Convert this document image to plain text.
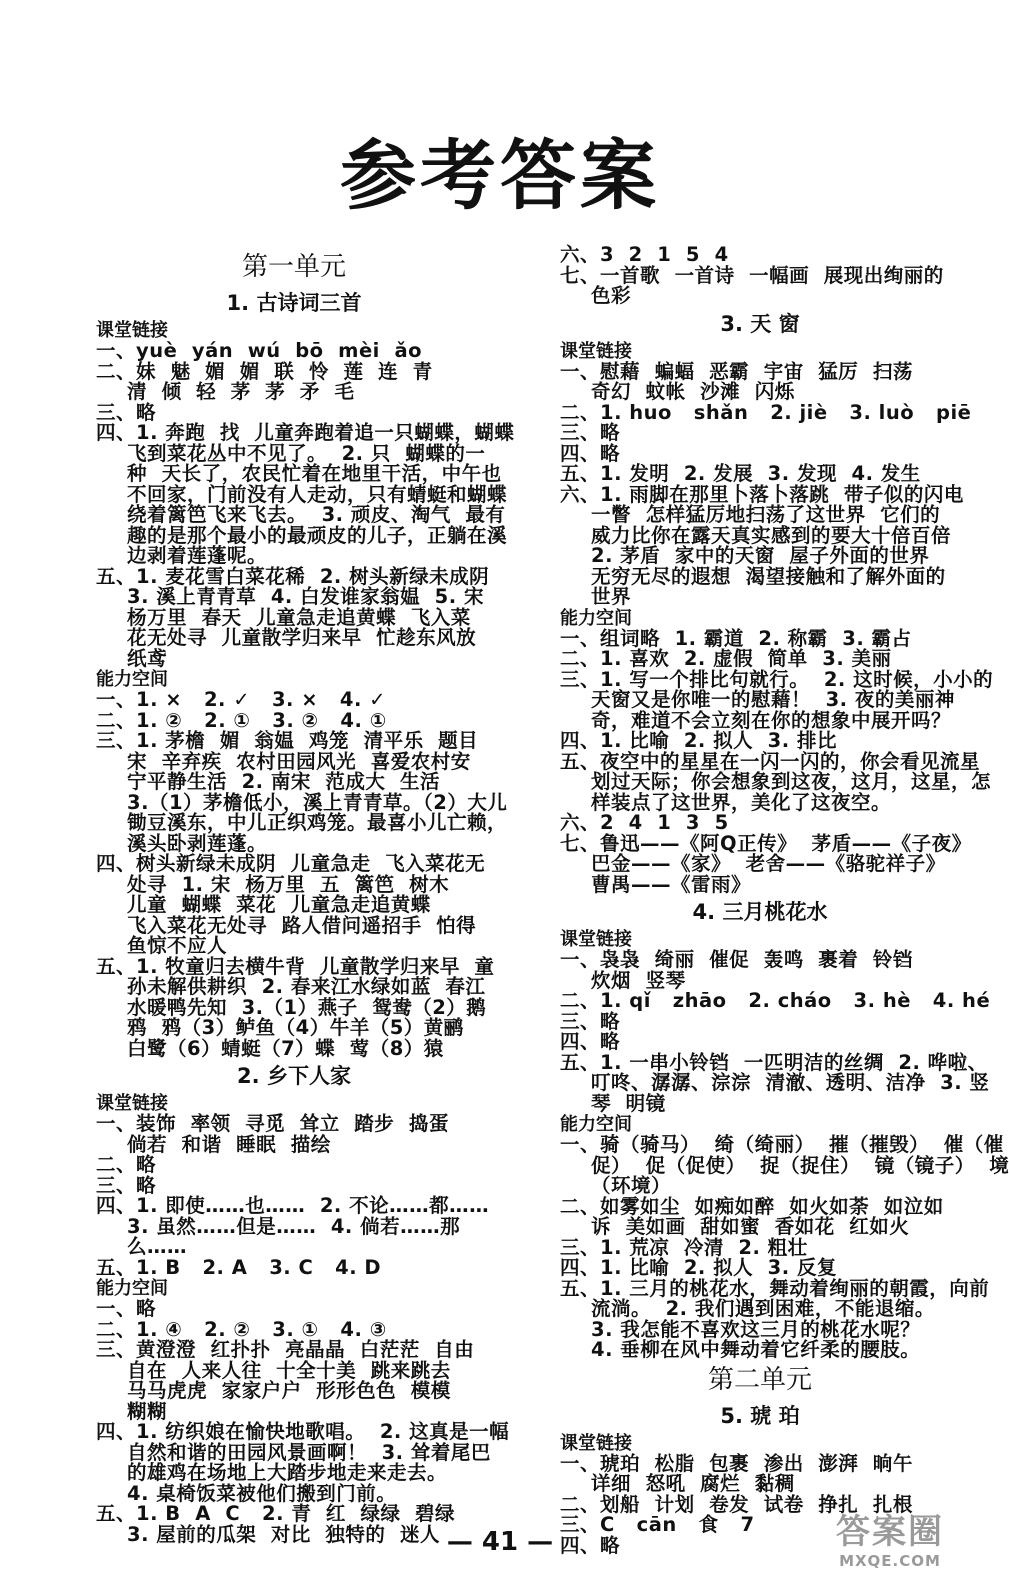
参考答案
第一单元
1. 古诗词三首
课堂链接
一、yuè  yán  wú  bō  mèi  ǎo
二、妹  魅  媚  媚  联  怜  莲  连  青
清  倾  轻  茅  茅  矛  毛
三、略
四、1. 奔跑  找  儿童奔跑着追一只蝴蝶，蝴蝶
飞到菜花丛中不见了。  2. 只  蝴蝶的一
种  天长了，农民忙着在地里干活，中午也
不回家，门前没有人走动，只有蜻蜓和蝴蝶
绕着篱笆飞来飞去。  3. 顽皮、淘气  最有
趣的是那个最小的最顽皮的儿子，正躺在溪
边剥着莲蓬呢。
五、1. 麦花雪白菜花稀  2. 树头新绿未成阴
3. 溪上青青草  4. 白发谁家翁媪  5. 宋
杨万里  春天  儿童急走追黄蝶  飞入菜
花无处寻  儿童散学归来早  忙趁东风放
纸鸢
能力空间
一、1. ×   2. ✓   3. ×   4. ✓
二、1. ②   2. ①   3. ②   4. ①
三、1. 茅檐  媚  翁媪  鸡笼  清平乐  题目
宋  辛弃疾  农村田园风光  喜爱农村安
宁平静生活  2. 南宋  范成大  生活
3.（1）茅檐低小，溪上青青草。（2）大儿
锄豆溪东，中儿正织鸡笼。最喜小儿亡赖，
溪头卧剥莲蓬。
四、树头新绿未成阴  儿童急走  飞入菜花无
处寻  1. 宋  杨万里  五  篱笆  树木
儿童  蝴蝶  菜花  儿童急走追黄蝶
飞入菜花无处寻  路人借问遥招手  怕得
鱼惊不应人
五、1. 牧童归去横牛背  儿童散学归来早  童
孙未解供耕织  2. 春来江水绿如蓝  春江
水暖鸭先知  3.（1）燕子  鸳鸯（2）鹅
鸦  鸦（3）鲈鱼（4）牛羊（5）黄鹂
白鹭（6）蜻蜓（7）蝶  莺（8）猿
2. 乡下人家
课堂链接
一、装饰  率领  寻觅  耸立  踏步  捣蛋
倘若  和谐  睡眠  描绘
二、略
三、略
四、1. 即使……也……  2. 不论……都……
3. 虽然……但是……  4. 倘若……那
么……
五、1. B   2. A   3. C   4. D
能力空间
一、略
二、1. ④   2. ②   3. ①   4. ③
三、黄澄澄  红扑扑  亮晶晶  白茫茫  自由
自在  人来人往  十全十美  跳来跳去
马马虎虎  家家户户  形形色色  模模
糊糊
四、1. 纺织娘在愉快地歌唱。  2. 这真是一幅
自然和谐的田园风景画啊！  3. 耸着尾巴
的雄鸡在场地上大踏步地走来走去。
4. 桌椅饭菜被他们搬到门前。
五、1. B  A  C   2. 青  红  绿绿  碧绿
3. 屋前的瓜架  对比  独特的  迷人
六、3  2  1  5  4
七、一首歌  一首诗  一幅画  展现出绚丽的
色彩
3. 天 窗
课堂链接
一、慰藉  蝙蝠  恶霸  宇宙  猛厉  扫荡
奇幻  蚊帐  沙滩  闪烁
二、1. huo   shǎn   2. jiè   3. luò   piē
三、略
四、略
五、1. 发明  2. 发展  3. 发现  4. 发生
六、1. 雨脚在那里卜落卜落跳  带子似的闪电
一瞥  怎样猛厉地扫荡了这世界  它们的
威力比你在露天真实感到的要大十倍百倍
2. 茅盾  家中的天窗  屋子外面的世界
无穷无尽的遐想  渴望接触和了解外面的
世界
能力空间
一、组词略  1. 霸道  2. 称霸  3. 霸占
二、1. 喜欢  2. 虚假  简单  3. 美丽
三、1. 写一个排比句就行。  2. 这时候，小小的
天窗又是你唯一的慰藉！  3. 夜的美丽神
奇，难道不会立刻在你的想象中展开吗？
四、1. 比喻  2. 拟人  3. 排比
五、夜空中的星星在一闪一闪的，你会看见流星
划过天际；你会想象到这夜，这月，这星，怎
样装点了这世界，美化了这夜空。
六、2  4  1  3  5
七、鲁迅——《阿Q正传》  茅盾——《子夜》
巴金——《家》  老舍——《骆驼祥子》
曹禺——《雷雨》
4. 三月桃花水
课堂链接
一、袅袅  绮丽  催促  轰鸣  裹着  铃铛
炊烟  竖琴
二、1. qǐ   zhāo   2. cháo   3. hè   4. hé
三、略
四、略
五、1. 一串小铃铛  一匹明洁的丝绸  2. 哗啦、
叮咚、潺潺、淙淙  清澈、透明、洁净  3. 竖
琴  明镜
能力空间
一、骑（骑马）  绮（绮丽）  摧（摧毁）  催（催
促）  促（促使）  捉（捉住）  镜（镜子）  境
（环境）
二、如雾如尘  如痴如醉  如火如荼  如泣如
诉  美如画  甜如蜜  香如花  红如火
三、1. 荒凉  冷清  2. 粗壮
四、1. 比喻  2. 拟人  3. 反复
五、1. 三月的桃花水，舞动着绚丽的朝霞，向前
流淌。  2. 我们遇到困难，不能退缩。
3. 我怎能不喜欢这三月的桃花水呢？
4. 垂柳在风中舞动着它纤柔的腰肢。
第二单元
5. 琥 珀
课堂链接
一、琥珀  松脂  包裹  渗出  澎湃  晌午
详细  怒吼  腐烂  黏稠
二、划船  计划  卷发  试卷  挣扎  扎根
三、C   cān   食   7
四、略
— 41 —	答案圈
MXQE.COM
